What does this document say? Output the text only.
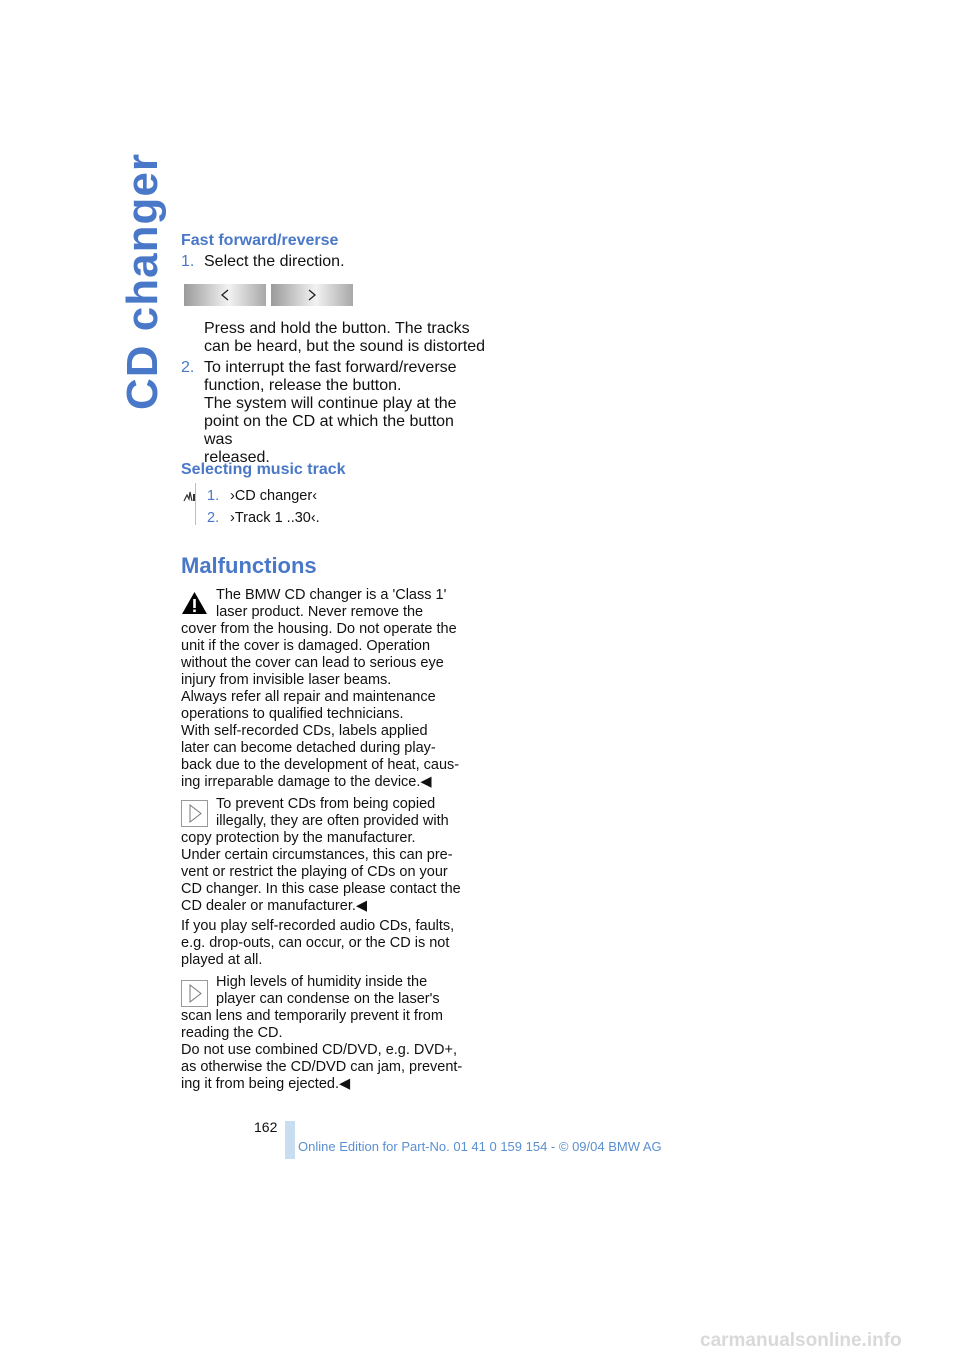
CD changer Fast forward/reverse
1. Select the direction.
Press and hold the button. The tracks
can be heard, but the sound is distorted
2. To interrupt the fast forward/reverse
function, release the button.
The system will continue play at the
point on the CD at which the button was
released.
Selecting music track
1. ›CD changer‹
2. ›Track 1 ..30‹.
Malfunctions
The BMW CD changer is a 'Class 1'
laser product. Never remove the
cover from the housing. Do not operate the
unit if the cover is damaged. Operation
without the cover can lead to serious eye
injury from invisible laser beams.
Always refer all repair and maintenance
operations to qualified technicians.
With self-recorded CDs, labels applied
later can become detached during play-
back due to the development of heat, caus-
ing irreparable damage to the device.◀
To prevent CDs from being copied
illegally, they are often provided with
copy protection by the manufacturer.
Under certain circumstances, this can pre-
vent or restrict the playing of CDs on your
CD changer. In this case please contact the
CD dealer or manufacturer.◀
If you play self-recorded audio CDs, faults,
e.g. drop-outs, can occur, or the CD is not
played at all.
High levels of humidity inside the
player can condense on the laser's
scan lens and temporarily prevent it from
reading the CD.
Do not use combined CD/DVD, e.g. DVD+,
as otherwise the CD/DVD can jam, prevent-
ing it from being ejected.◀
162
Online Edition for Part-No. 01 41 0 159 154 - © 09/04 BMW AG
carmanualsonline.info
